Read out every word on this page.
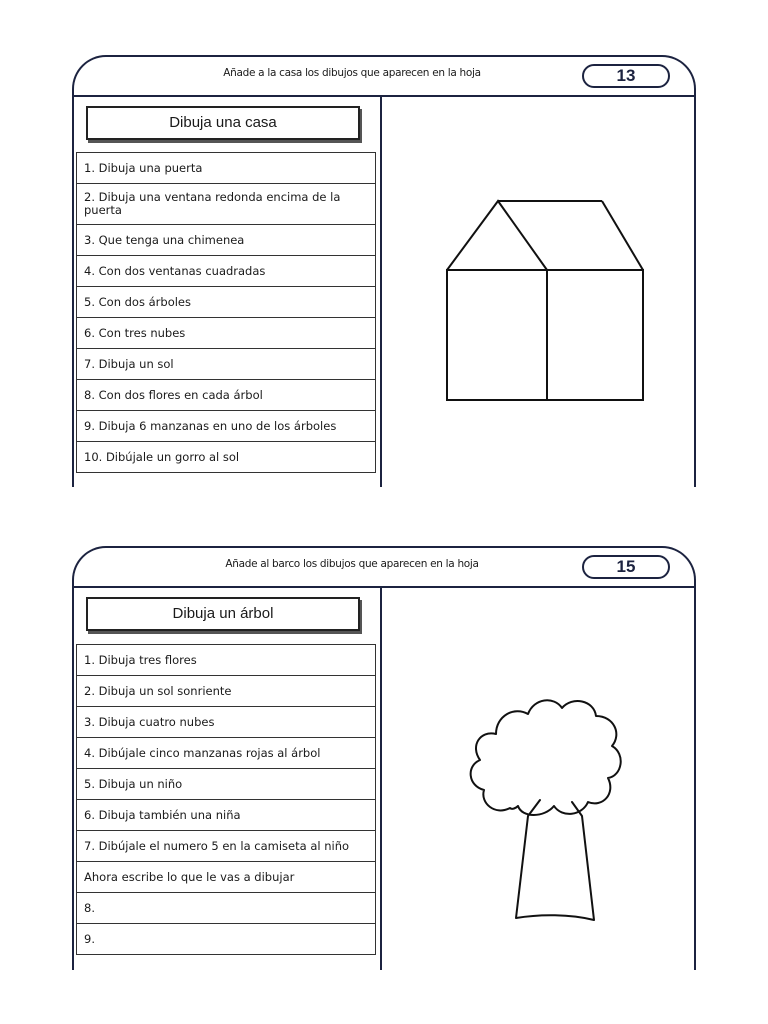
Añade a la casa los dibujos que aparecen en la hoja	13
Dibuja una casa
1. Dibuja una puerta
2. Dibuja una ventana redonda encima de la puerta
3. Que tenga una chimenea
4. Con dos ventanas cuadradas
5. Con dos árboles
6. Con tres nubes
7. Dibuja un sol
8. Con dos flores en cada árbol
9. Dibuja 6 manzanas en uno de los árboles
10. Dibújale un gorro al sol
Añade al barco los dibujos que aparecen en la hoja	15
Dibuja un árbol
1. Dibuja tres flores
2. Dibuja un sol sonriente
3. Dibuja cuatro nubes
4. Dibújale cinco manzanas rojas al árbol
5. Dibuja un niño
6. Dibuja también una niña
7. Dibújale el numero 5 en la camiseta al niño
Ahora escribe lo que le vas a dibujar
8.
9.
